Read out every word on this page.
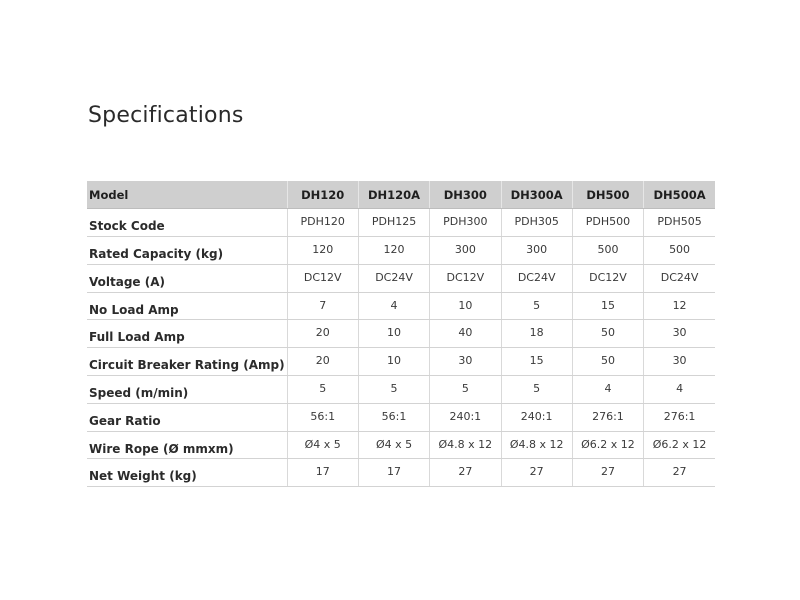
Specifications
Model	DH120	DH120A	DH300	DH300A	DH500	DH500A
Stock Code	PDH120	PDH125	PDH300	PDH305	PDH500	PDH505
Rated Capacity (kg)	120	120	300	300	500	500
Voltage (A)	DC12V	DC24V	DC12V	DC24V	DC12V	DC24V
No Load Amp	7	4	10	5	15	12
Full Load Amp	20	10	40	18	50	30
Circuit Breaker Rating (Amp)	20	10	30	15	50	30
Speed (m/min)	5	5	5	5	4	4
Gear Ratio	56:1	56:1	240:1	240:1	276:1	276:1
Wire Rope (Ø mmxm)	Ø4 x 5	Ø4 x 5	Ø4.8 x 12	Ø4.8 x 12	Ø6.2 x 12	Ø6.2 x 12
Net Weight (kg)	17	17	27	27	27	27
